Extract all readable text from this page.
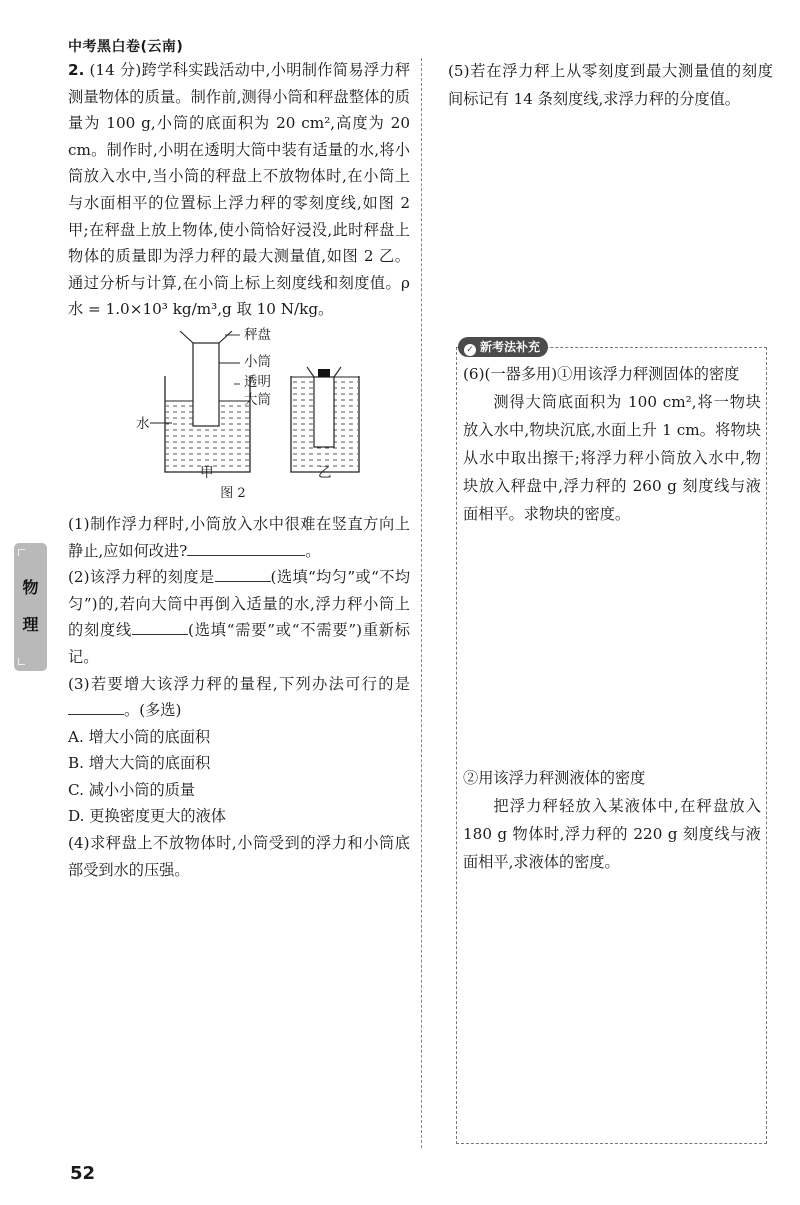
中考黑白卷(云南)
物
理

2. (14 分)跨学科实践活动中,小明制作简易浮力秤测量物体的质量。制作前,测得小筒和秤盘整体的质量为 100 g,小筒的底面积为 20 cm²,高度为 20 cm。制作时,小明在透明大筒中装有适量的水,将小筒放入水中,当小筒的秤盘上不放物体时,在小筒上与水面相平的位置标上浮力秤的零刻度线,如图 2 甲;在秤盘上放上物体,使小筒恰好浸没,此时秤盘上物体的质量即为浮力秤的最大测量值,如图 2 乙。通过分析与计算,在小筒上标上刻度线和刻度值。ρ水 = 1.0×10³ kg/m³,g 取 10 N/kg。

秤盘
小筒
透明
大筒
水
甲	乙
图 2

(1)制作浮力秤时,小筒放入水中很难在竖直方向上静止,应如何改进?	。

(2)该浮力秤的刻度是	(选填“均匀”或“不均匀”)的,若向大筒中再倒入适量的水,浮力秤小筒上的刻度线	(选填“需要”或“不需要”)重新标记。

(3)若要增大该浮力秤的量程,下列办法可行的是。(多选)

A. 增大小筒的底面积

B. 增大大筒的底面积

C. 减小小筒的质量

D. 更换密度更大的液体

(4)求秤盘上不放物体时,小筒受到的浮力和小筒底部受到水的压强。

(5)若在浮力秤上从零刻度到最大测量值的刻度间标记有 14 条刻度线,求浮力秤的分度值。

✓ 新考法补充

(6)(一器多用)①用该浮力秤测固体的密度

测得大筒底面积为 100 cm²,将一物块放入水中,物块沉底,水面上升 1 cm。将物块从水中取出擦干;将浮力秤小筒放入水中,物块放入秤盘中,浮力秤的 260 g 刻度线与液面相平。求物块的密度。

②用该浮力秤测液体的密度

把浮力秤轻放入某液体中,在秤盘放入 180 g 物体时,浮力秤的 220 g 刻度线与液面相平,求液体的密度。

52
